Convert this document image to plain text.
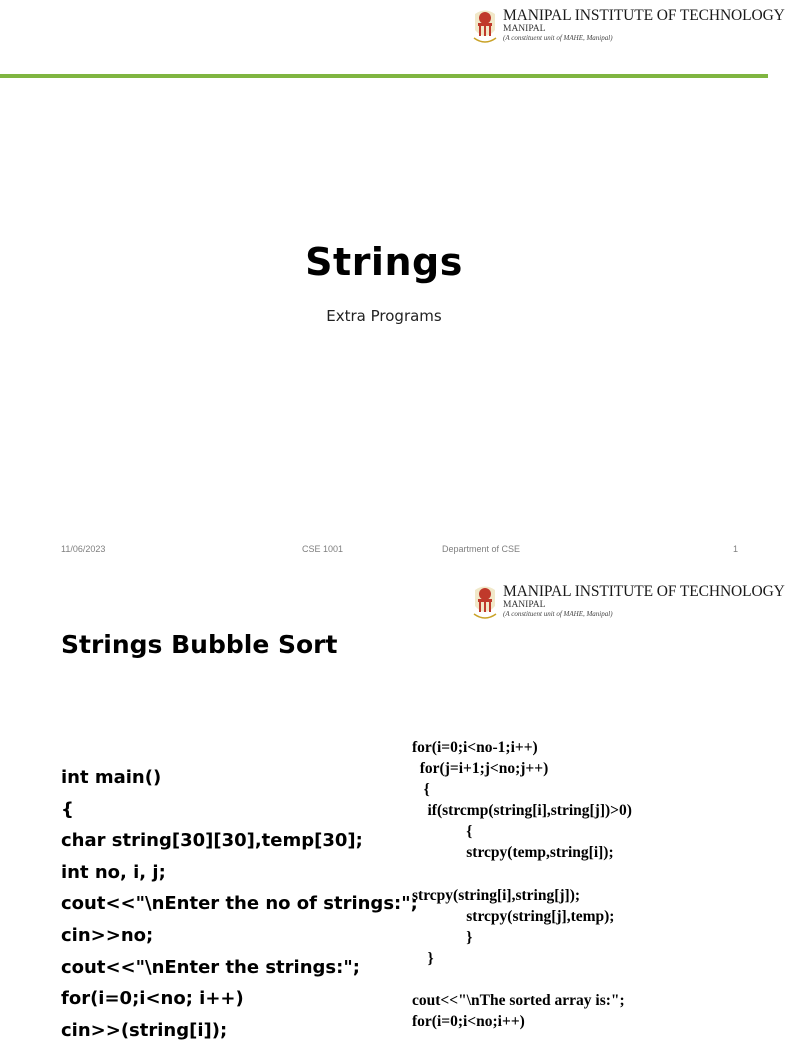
MANIPAL INSTITUTE OF TECHNOLOGY
MANIPAL
(A constituent unit of MAHE, Manipal)
Strings
Extra Programs
11/06/2023	CSE 1001	Department of CSE	1
MANIPAL INSTITUTE OF TECHNOLOGY
MANIPAL
(A constituent unit of MAHE, Manipal)
Strings Bubble Sort
int main()
{
char string[30][30],temp[30];
int no, i, j;
cout<<"\nEnter the no of strings:";
cin>>no;
cout<<"\nEnter the strings:";
for(i=0;i<no; i++)
cin>>(string[i]);
for(i=0;i<no-1;i++)
for(j=i+1;j<no;j++)
{
if(strcmp(string[i],string[j])>0)
{
strcpy(temp,string[i]);
strcpy(string[i],string[j]);
strcpy(string[j],temp);
}
}
cout<<"\nThe sorted array is:";
for(i=0;i<no;i++)
